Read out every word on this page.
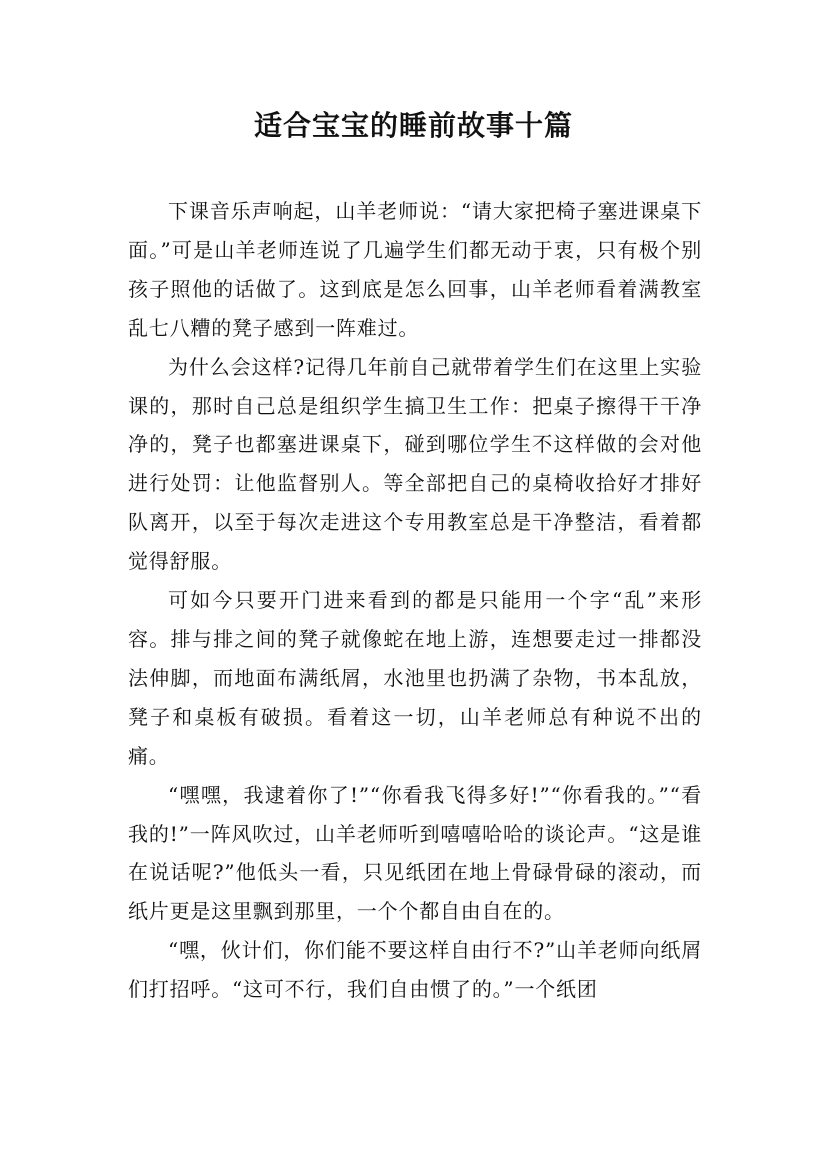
适合宝宝的睡前故事十篇

下课音乐声响起，山羊老师说：“请大家把椅子塞进课桌下面。”可是山羊老师连说了几遍学生们都无动于衷，只有极个别孩子照他的话做了。这到底是怎么回事，山羊老师看着满教室乱七八糟的凳子感到一阵难过。

为什么会这样?记得几年前自己就带着学生们在这里上实验课的，那时自己总是组织学生搞卫生工作：把桌子擦得干干净净的，凳子也都塞进课桌下，碰到哪位学生不这样做的会对他进行处罚：让他监督别人。等全部把自己的桌椅收拾好才排好队离开，以至于每次走进这个专用教室总是干净整洁，看着都觉得舒服。

可如今只要开门进来看到的都是只能用一个字“乱”来形容。排与排之间的凳子就像蛇在地上游，连想要走过一排都没法伸脚，而地面布满纸屑，水池里也扔满了杂物，书本乱放，凳子和桌板有破损。看着这一切，山羊老师总有种说不出的痛。

“嘿嘿，我逮着你了!”“你看我飞得多好!”“你看我的。”“看我的!”一阵风吹过，山羊老师听到嘻嘻哈哈的谈论声。“这是谁在说话呢?”他低头一看，只见纸团在地上骨碌骨碌的滚动，而纸片更是这里飘到那里，一个个都自由自在的。

“嘿，伙计们，你们能不要这样自由行不?”山羊老师向纸屑们打招呼。“这可不行，我们自由惯了的。”一个纸团
